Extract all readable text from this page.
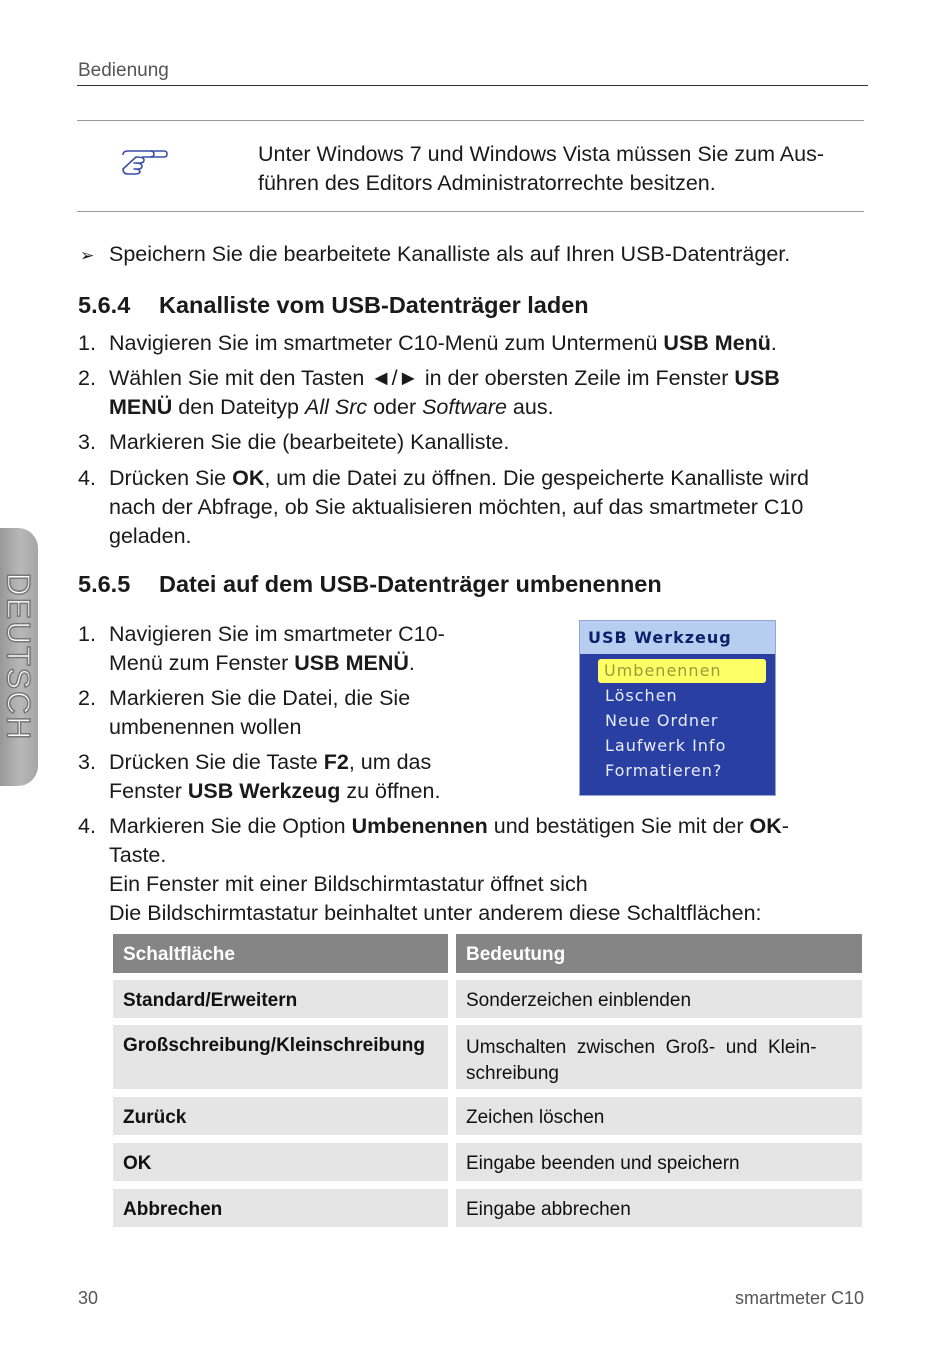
Bedienung
DEUTSCH
Unter Windows 7 und Windows Vista müssen Sie zum Aus-
führen des Editors Administratorrechte besitzen.
➢ Speichern Sie die bearbeitete Kanalliste als auf Ihren USB-Datenträger.
5.6.4 Kanalliste vom USB-Datenträger laden
1. Navigieren Sie im smartmeter C10-Menü zum Untermenü USB Menü.
2. Wählen Sie mit den Tasten ◄/► in der obersten Zeile im Fenster USB
MENÜ den Dateityp All Src oder Software aus.
3. Markieren Sie die (bearbeitete) Kanalliste.
4. Drücken Sie OK, um die Datei zu öffnen. Die gespeicherte Kanalliste wird
nach der Abfrage, ob Sie aktualisieren möchten, auf das smartmeter C10
geladen.
5.6.5 Datei auf dem USB-Datenträger umbenennen
1. Navigieren Sie im smartmeter C10-
Menü zum Fenster USB MENÜ.
2. Markieren Sie die Datei, die Sie
umbenennen wollen
3. Drücken Sie die Taste F2, um das
Fenster USB Werkzeug zu öffnen.
4. Markieren Sie die Option Umbenennen und bestätigen Sie mit der OK-
Taste.
Ein Fenster mit einer Bildschirmtastatur öffnet sich
Die Bildschirmtastatur beinhaltet unter anderem diese Schaltflächen:
USB Werkzeug
Umbenennen
Löschen
Neue Ordner
Laufwerk Info
Formatieren?
Schaltfläche	Bedeutung
Standard/Erweitern	Sonderzeichen einblenden
Großschreibung/Kleinschreibung	Umschalten  zwischen  Groß-  und  Klein-
schreibung
Zurück	Zeichen löschen
OK	Eingabe beenden und speichern
Abbrechen	Eingabe abbrechen
30	smartmeter C10
